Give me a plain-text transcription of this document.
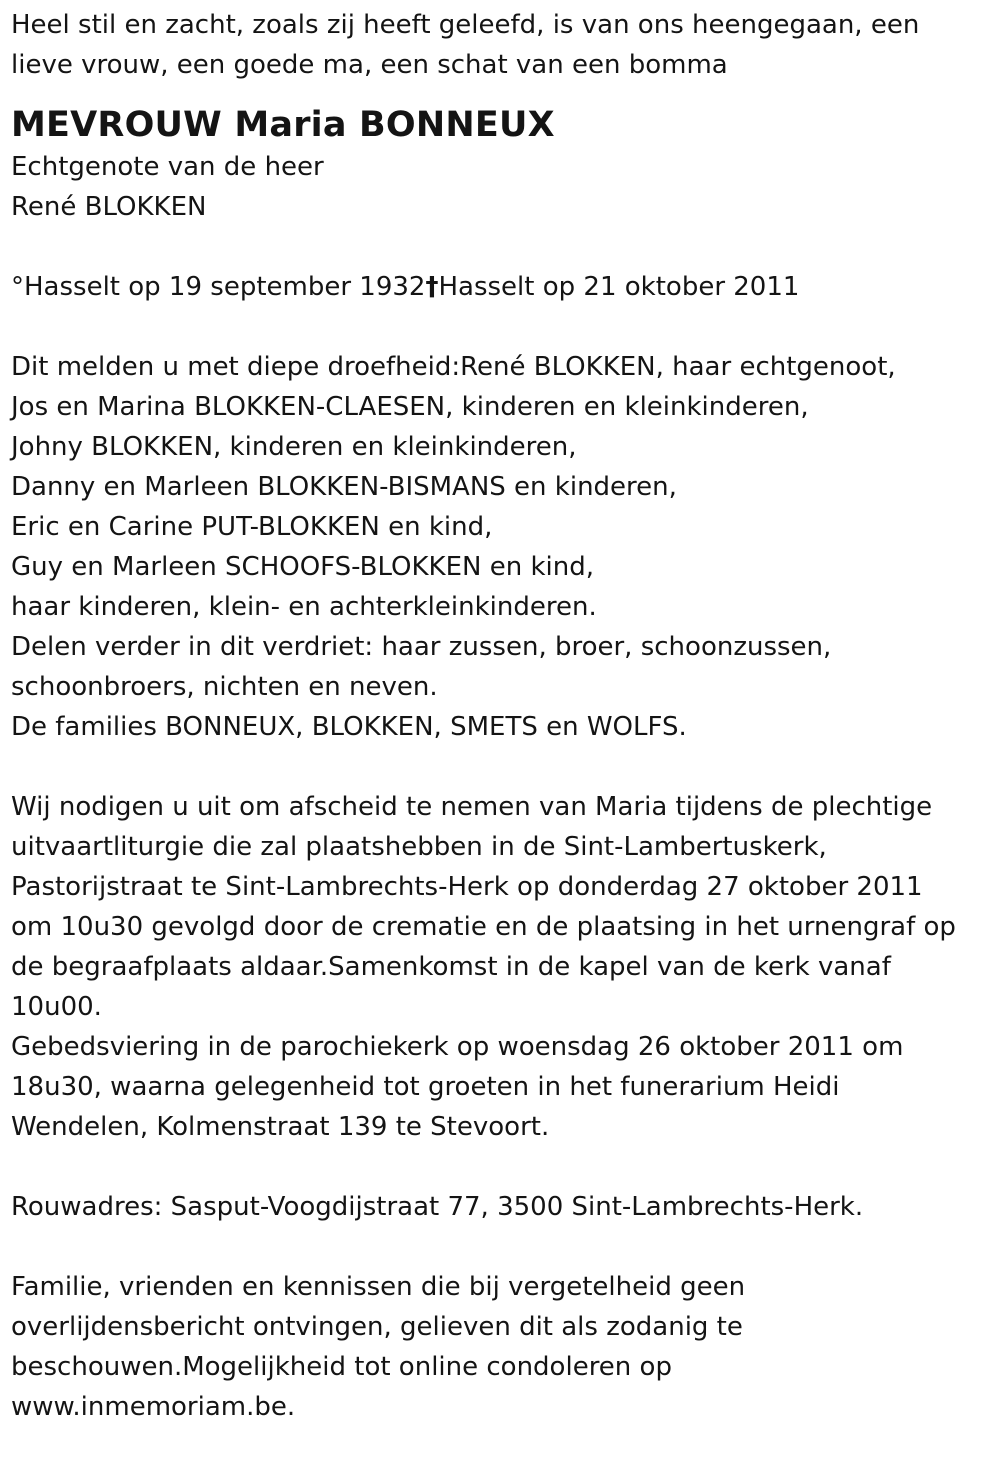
Heel stil en zacht, zoals zij heeft geleefd, is van ons heengegaan, een
lieve vrouw, een goede ma, een schat van een bomma
MEVROUW Maria BONNEUX
Echtgenote van de heer
René BLOKKEN
°Hasselt op 19 september 1932†Hasselt op 21 oktober 2011
Dit melden u met diepe droefheid:René BLOKKEN, haar echtgenoot,
Jos en Marina BLOKKEN-CLAESEN, kinderen en kleinkinderen,
Johny BLOKKEN, kinderen en kleinkinderen,
Danny en Marleen BLOKKEN-BISMANS en kinderen,
Eric en Carine PUT-BLOKKEN en kind,
Guy en Marleen SCHOOFS-BLOKKEN en kind,
haar kinderen, klein- en achterkleinkinderen.
Delen verder in dit verdriet: haar zussen, broer, schoonzussen,
schoonbroers, nichten en neven.
De families BONNEUX, BLOKKEN, SMETS en WOLFS.
Wij nodigen u uit om afscheid te nemen van Maria tijdens de plechtige
uitvaartliturgie die zal plaatshebben in de Sint-Lambertuskerk,
Pastorijstraat te Sint-Lambrechts-Herk op donderdag 27 oktober 2011
om 10u30 gevolgd door de crematie en de plaatsing in het urnengraf op
de begraafplaats aldaar.Samenkomst in de kapel van de kerk vanaf
10u00.
Gebedsviering in de parochiekerk op woensdag 26 oktober 2011 om
18u30, waarna gelegenheid tot groeten in het funerarium Heidi
Wendelen, Kolmenstraat 139 te Stevoort.
Rouwadres: Sasput-Voogdijstraat 77, 3500 Sint-Lambrechts-Herk.
Familie, vrienden en kennissen die bij vergetelheid geen
overlijdensbericht ontvingen, gelieven dit als zodanig te
beschouwen.Mogelijkheid tot online condoleren op
www.inmemoriam.be.
